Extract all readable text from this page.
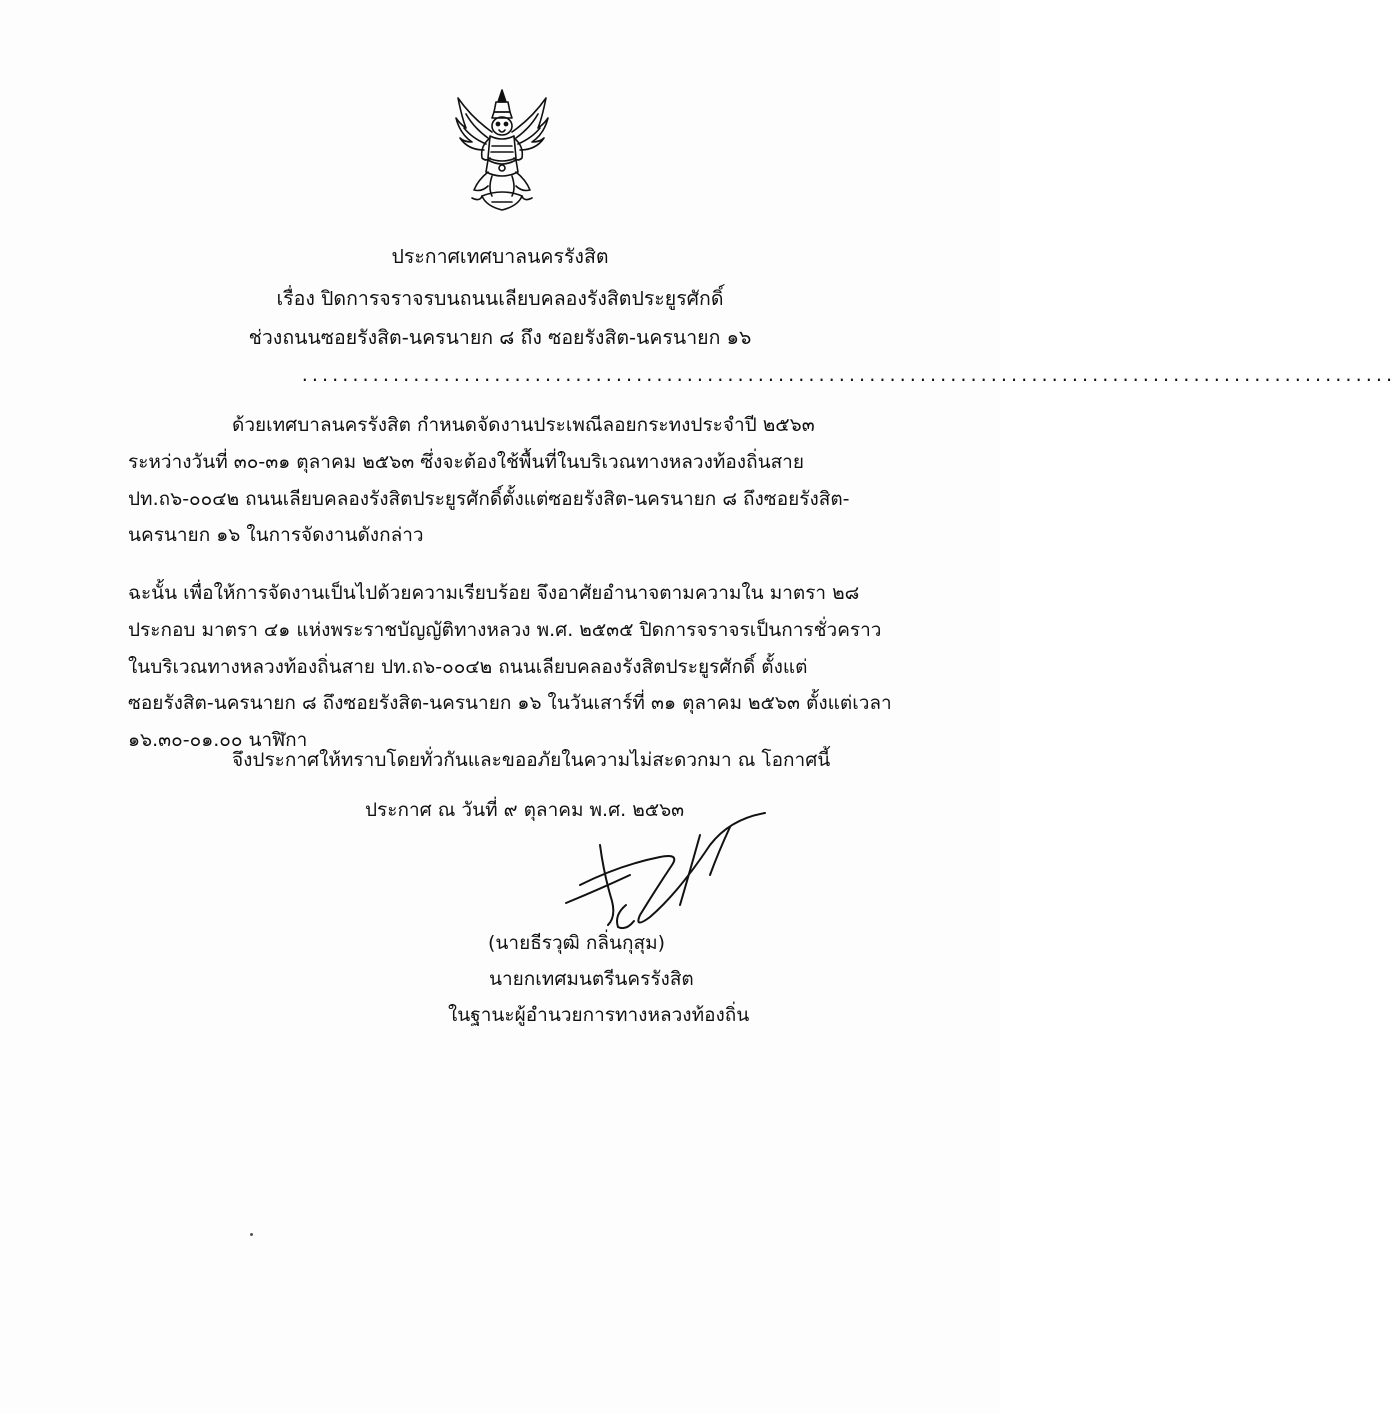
ประกาศเทศบาลนครรังสิต
เรื่อง ปิดการจราจรบนถนนเลียบคลองรังสิตประยูรศักดิ์
ช่วงถนนซอยรังสิต-นครนายก ๘ ถึง ซอยรังสิต-นครนายก ๑๖
............................................................................................................
ด้วยเทศบาลนครรังสิต กำหนดจัดงานประเพณีลอยกระทงประจำปี ๒๕๖๓
ระหว่างวันที่ ๓๐-๓๑ ตุลาคม ๒๕๖๓ ซึ่งจะต้องใช้พื้นที่ในบริเวณทางหลวงท้องถิ่นสาย
ปท.ถ๖-๐๐๔๒ ถนนเลียบคลองรังสิตประยูรศักดิ์ตั้งแต่ซอยรังสิต-นครนายก ๘ ถึงซอยรังสิต-
นครนายก ๑๖ ในการจัดงานดังกล่าว
ฉะนั้น เพื่อให้การจัดงานเป็นไปด้วยความเรียบร้อย จึงอาศัยอำนาจตามความใน มาตรา ๒๘
ประกอบ มาตรา ๔๑ แห่งพระราชบัญญัติทางหลวง พ.ศ. ๒๕๓๕ ปิดการจราจรเป็นการชั่วคราว
ในบริเวณทางหลวงท้องถิ่นสาย ปท.ถ๖-๐๐๔๒ ถนนเลียบคลองรังสิตประยูรศักดิ์ ตั้งแต่
ซอยรังสิต-นครนายก ๘ ถึงซอยรังสิต-นครนายก ๑๖ ในวันเสาร์ที่ ๓๑ ตุลาคม ๒๕๖๓ ตั้งแต่เวลา
๑๖.๓๐-๐๑.๐๐ นาฬิกา
จึงประกาศให้ทราบโดยทั่วกันและขออภัยในความไม่สะดวกมา ณ โอกาศนี้
ประกาศ ณ วันที่ ๙ ตุลาคม พ.ศ. ๒๕๖๓
(นายธีรวุฒิ กลิ่นกุสุม)
นายกเทศมนตรีนครรังสิต
ในฐานะผู้อำนวยการทางหลวงท้องถิ่น
